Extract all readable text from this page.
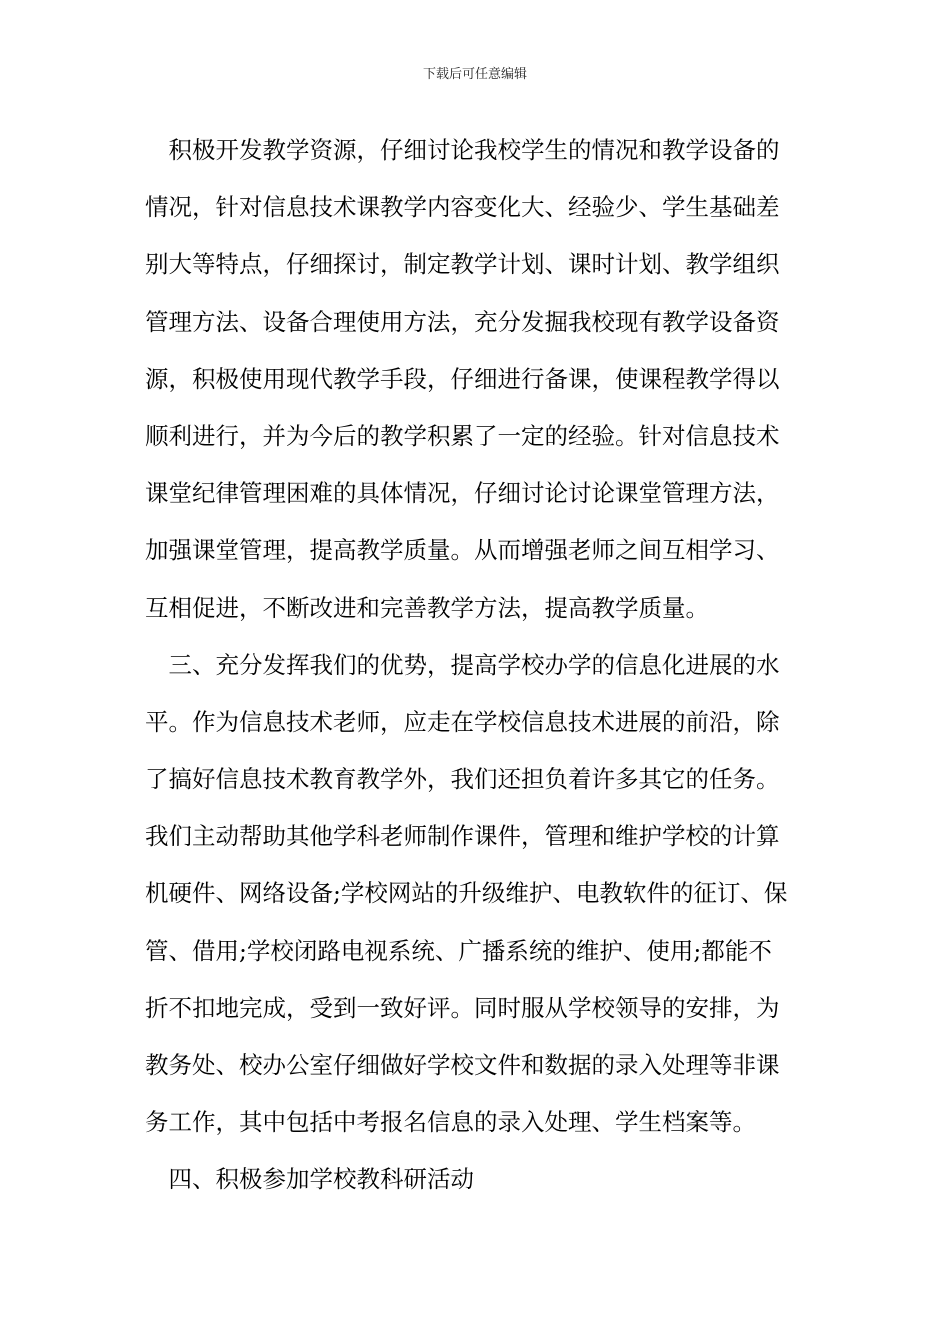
下载后可任意编辑
　积极开发教学资源，仔细讨论我校学生的情况和教学设备的
情况，针对信息技术课教学内容变化大、经验少、学生基础差
别大等特点，仔细探讨，制定教学计划、课时计划、教学组织
管理方法、设备合理使用方法，充分发掘我校现有教学设备资
源，积极使用现代教学手段，仔细进行备课，使课程教学得以
顺利进行，并为今后的教学积累了一定的经验。针对信息技术
课堂纪律管理困难的具体情况，仔细讨论讨论课堂管理方法，
加强课堂管理，提高教学质量。从而增强老师之间互相学习、
互相促进，不断改进和完善教学方法，提高教学质量。
　三、充分发挥我们的优势，提高学校办学的信息化进展的水
平。作为信息技术老师，应走在学校信息技术进展的前沿，除
了搞好信息技术教育教学外，我们还担负着许多其它的任务。
我们主动帮助其他学科老师制作课件，管理和维护学校的计算
机硬件、网络设备;学校网站的升级维护、电教软件的征订、保
管、借用;学校闭路电视系统、广播系统的维护、使用;都能不
折不扣地完成，受到一致好评。同时服从学校领导的安排，为
教务处、校办公室仔细做好学校文件和数据的录入处理等非课
务工作，其中包括中考报名信息的录入处理、学生档案等。
　四、积极参加学校教科研活动
